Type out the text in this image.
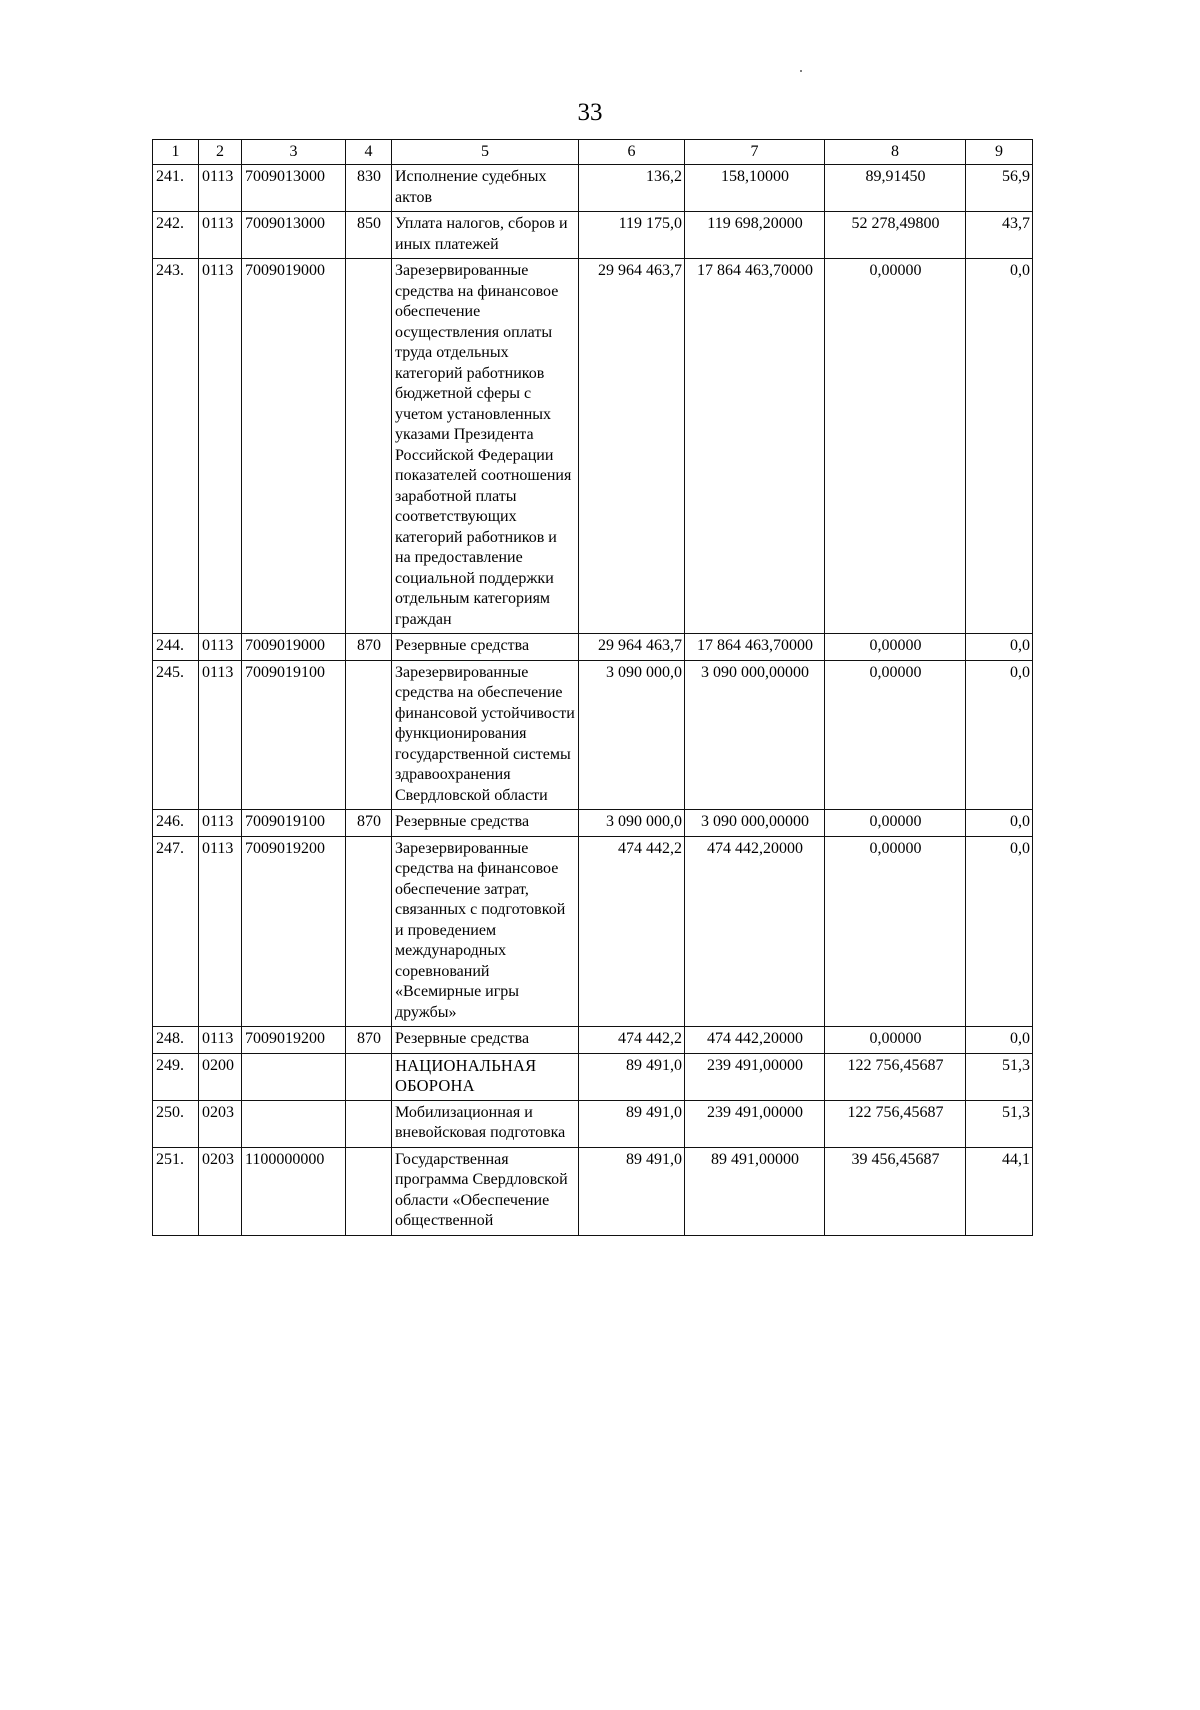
33
1	2	3	4	5	6	7	8	9
241.	0113	7009013000	830	Исполнение судебных актов	136,2	158,10000	89,91450	56,9
242.	0113	7009013000	850	Уплата налогов, сборов и иных платежей	119 175,0	119 698,20000	52 278,49800	43,7
243.	0113	7009019000		Зарезервированные средства на финансовое обеспечение осуществления оплаты труда отдельных категорий работников бюджетной сферы с учетом установленных указами Президента Российской Федерации показателей соотношения заработной платы соответствующих категорий работников и на предоставление социальной поддержки отдельным категориям граждан	29 964 463,7	17 864 463,70000	0,00000	0,0
244.	0113	7009019000	870	Резервные средства	29 964 463,7	17 864 463,70000	0,00000	0,0
245.	0113	7009019100		Зарезервированные средства на обеспечение финансовой устойчивости функционирования государственной системы здравоохранения Свердловской области	3 090 000,0	3 090 000,00000	0,00000	0,0
246.	0113	7009019100	870	Резервные средства	3 090 000,0	3 090 000,00000	0,00000	0,0
247.	0113	7009019200		Зарезервированные средства на финансовое обеспечение затрат, связанных с подготовкой и проведением международных соревнований «Всемирные игры дружбы»	474 442,2	474 442,20000	0,00000	0,0
248.	0113	7009019200	870	Резервные средства	474 442,2	474 442,20000	0,00000	0,0
249.	0200			НАЦИОНАЛЬНАЯ ОБОРОНА	89 491,0	239 491,00000	122 756,45687	51,3
250.	0203			Мобилизационная и вневойсковая подготовка	89 491,0	239 491,00000	122 756,45687	51,3
251.	0203	1100000000		Государственная программа Свердловской области «Обеспечение общественной	89 491,0	89 491,00000	39 456,45687	44,1
